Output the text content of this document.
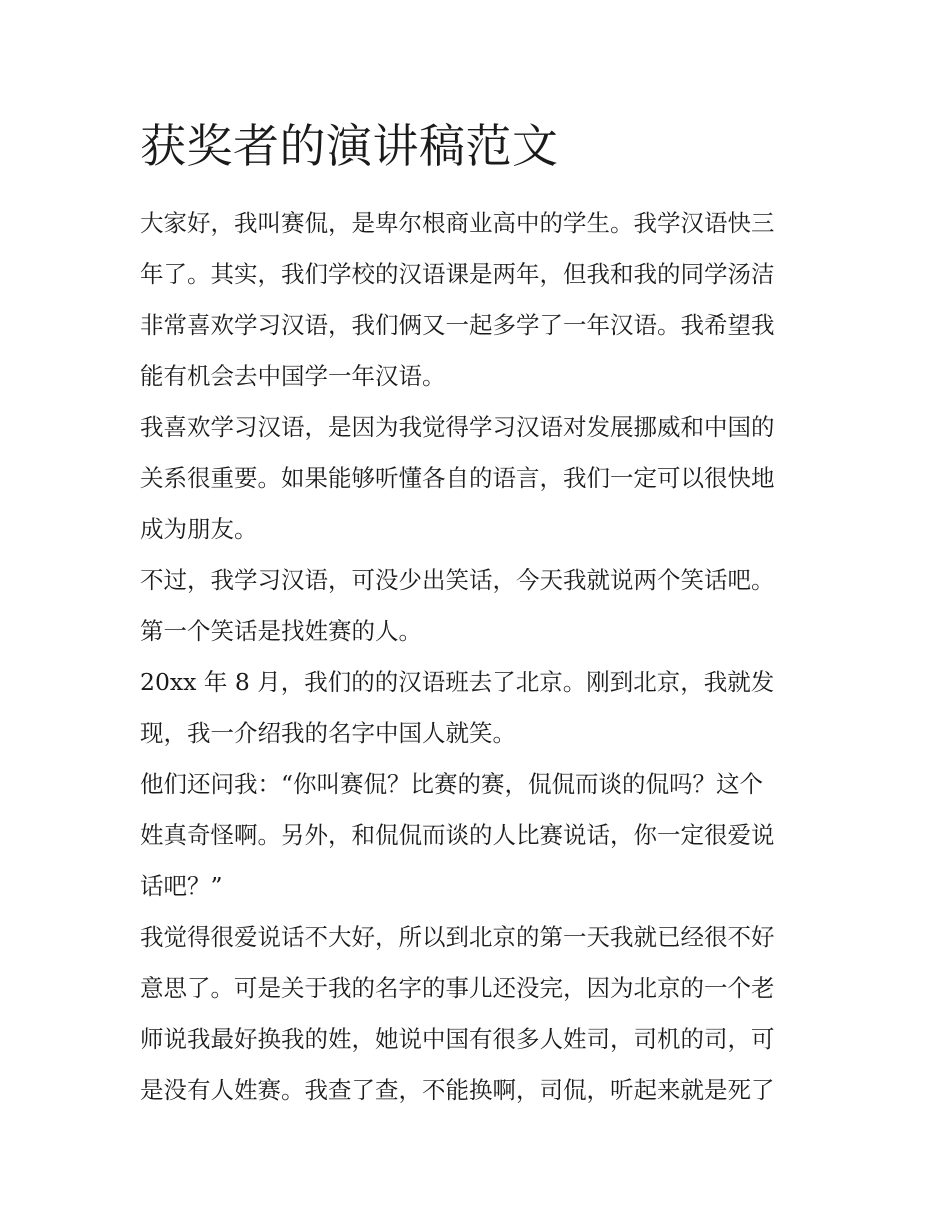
获奖者的演讲稿范文

大家好，我叫赛侃，是卑尔根商业高中的学生。我学汉语快三

年了。其实，我们学校的汉语课是两年，但我和我的同学汤洁

非常喜欢学习汉语，我们俩又一起多学了一年汉语。我希望我

能有机会去中国学一年汉语。

我喜欢学习汉语，是因为我觉得学习汉语对发展挪威和中国的

关系很重要。如果能够听懂各自的语言，我们一定可以很快地

成为朋友。

不过，我学习汉语，可没少出笑话，今天我就说两个笑话吧。

第一个笑话是找姓赛的人。

20xx 年 8 月，我们的的汉语班去了北京。刚到北京，我就发

现，我一介绍我的名字中国人就笑。

他们还问我：“你叫赛侃？比赛的赛，侃侃而谈的侃吗？这个

姓真奇怪啊。另外，和侃侃而谈的人比赛说话，你一定很爱说

话吧？”

我觉得很爱说话不大好，所以到北京的第一天我就已经很不好

意思了。可是关于我的名字的事儿还没完，因为北京的一个老

师说我最好换我的姓，她说中国有很多人姓司，司机的司，可

是没有人姓赛。我查了查，不能换啊，司侃，听起来就是死了
